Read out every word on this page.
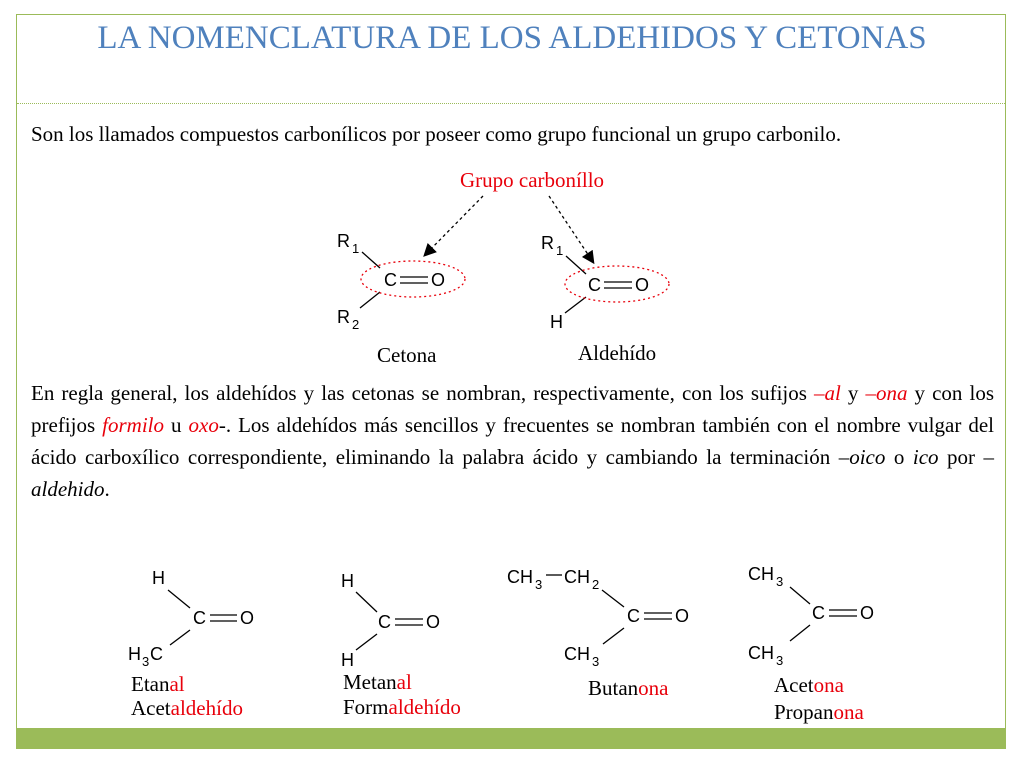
LA NOMENCLATURA DE LOS ALDEHIDOS Y CETONAS
Son los llamados compuestos carbonílicos por poseer como grupo funcional un grupo carbonilo.
Grupo carboníllo
R 1
C O
R 2
R 1
C O
H
H
C O
H 3 C
H
C O
H
CH 3 CH 2
C O
CH 3
CH 3
C O
CH 3
Cetona	Aldehído
En regla general, los aldehídos y las cetonas se nombran, respectivamente, con los sufijos –al y –ona y con los prefijos formilo u oxo-. Los aldehídos más sencillos y frecuentes se nombran también con el nombre vulgar del ácido carboxílico correspondiente, eliminando la palabra ácido y cambiando la terminación –oico o ico por –aldehido.
Etanal
Acetaldehído
Metanal
Formaldehído
Butanona	Acetona
Propanona
